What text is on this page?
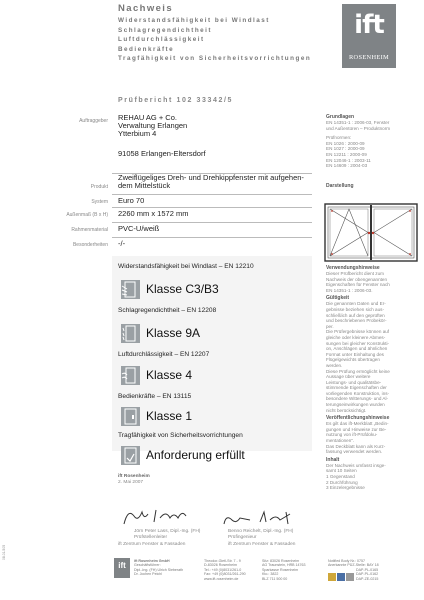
Nachweis
Widerstandsfähigkeit bei Windlast
Schlagregendichtheit
Luftdurchlässigkeit
Bedienkräfte
Tragfähigkeit von Sicherheitsvorrichtungen
Prüfbericht 102 33342/5
ift
ROSENHEIM
Auftraggeber REHAU AG + Co.
Verwaltung Erlangen
Ytterbium 4
91058 Erlangen-Eltersdorf
Zweiflügeliges Dreh- und Drehkippfenster mit aufgehen-dem Mittelstück
Produkt
System Euro 70
Außenmaß (B x H) 2260 mm x 1572 mm
Rahmenmaterial PVC-U/weiß
Besonderheiten -/-
Widerstandsfähigkeit bei Windlast – EN 12210
Klasse C3/B3
Schlagregendichtheit – EN 12208
Klasse 9A
Luftdurchlässigkeit – EN 12207
Klasse 4
Bedienkräfte – EN 13115
Klasse 1
Tragfähigkeit von Sicherheitsvorrichtungen
Anforderung erfüllt
Grundlagen
EN 14351-1 : 2006-03, Fenster
und Außentüren – Produktnorm
Prüfnormen:
EN 1026 : 2000-09
EN 1027 : 2000-09
EN 12211 : 2000-09
EN 12046-1 : 2003-11
EN 14609 : 2004-03
Darstellung
Verwendungshinweise
Dieser Prüfbericht dient zum
Nachweis der obengenannten
Eigenschaften für Fenster nach
EN 14351-1 : 2006-03.
Gültigkeit
Die genannten Daten und Er-
gebnisse beziehen sich aus-
schließlich auf den geprüften
und beschriebenen Probekör-
per.
Die Prüfergebnisse können auf
gleiche oder kleinere Abmes-
sungen bei gleicher Konstrukti-
on, Anschlägen und ähnlichen
Format unter Einhaltung des
Flügelgewichts übertragen
werden.
Diese Prüfung ermöglicht keine
Aussage über weitere
Leistungs- und qualitätsbe-
stimmende Eigenschaften der
vorliegenden Konstruktion, ins-
besondere Witterungs- und Al-
terungseinwirkungen wurden
nicht berücksichtigt.
Veröffentlichungshinweise
Es gilt das ift-Merkblatt „Bedin-
gungen und Hinweise zur Be-
nutzung von ift-Prüfdoku-
mentationen".
Das Deckblatt kann als Kurz-
fassung verwendet werden.
Inhalt
Der Nachweis umfasst insge-
samt 10 Seiten
1 Gegenstand
2 Durchführung
3 Einzelergebnisse
ift Rosenheim
2. Mai 2007
Jörn Peter Lass, Dipl.-Ing. (FH)
Prüfstellenleiter
ift Zentrum Fenster & Fassaden
Benno Reichelt, Dipl.-Ing. (FH)
Prüfingenieur
ift Zentrum Fenster & Fassaden
ift	ift Rosenheim GmbH
Geschäftsführer:
Dipl.-Ing. (FH) Ulrich Sieberath
Dr. Jochen Peichl
Theodor-Gietl-Str. 7 - 9
D-83026 Rosenheim
Tel.: +49 (0)8031/261-0
Fax: +49 (0)8031/261-290
www.ift-rosenheim.de
Sitz: 83026 Rosenheim
AG Traunstein, HRB 14763
Sparkasse Rosenheim
Kto.: 3822
BLZ 711 500 00
Notified Body Nr.: 0757
Anerkannte PÜZ-Stelle: BAY 18
DAP-PL-0165
DAP-PL-0162
DAP-ZE-0215
08.01.505
